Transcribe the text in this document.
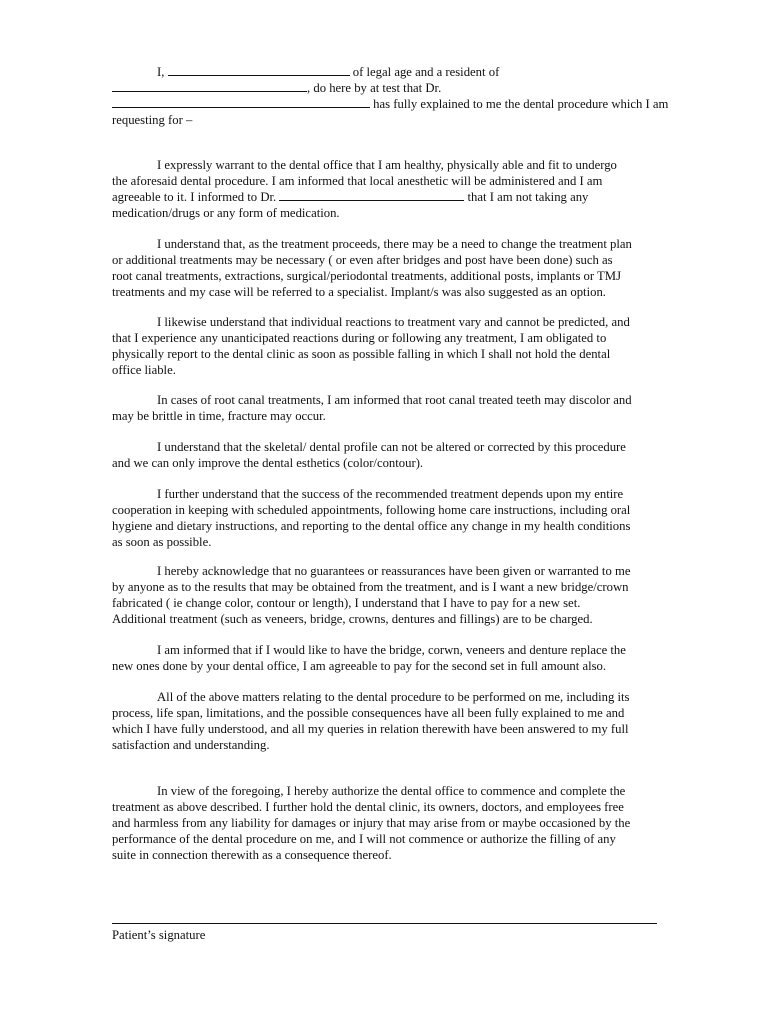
I,	of legal age and a resident of
, do here by at test that Dr.
has fully explained to me the dental procedure which I am
requesting for –
I expressly warrant to the dental office that I am healthy, physically able and fit to undergo
the aforesaid dental procedure. I am informed that local anesthetic will be administered and I am
agreeable to it. I informed to Dr.	that I am not taking any
medication/drugs or any form of medication.
I understand that, as the treatment proceeds, there may be a need to change the treatment plan
or additional treatments may be necessary ( or even after bridges and post have been done) such as
root canal treatments, extractions, surgical/periodontal treatments, additional posts, implants or TMJ
treatments and my case will be referred to a specialist. Implant/s was also suggested as an option.
I likewise understand that individual reactions to treatment vary and cannot be predicted, and
that I experience any unanticipated reactions during or following any treatment, I am obligated to
physically report to the dental clinic as soon as possible falling in which I shall not hold the dental
office liable.
In cases of root canal treatments, I am informed that root canal treated teeth may discolor and
may be brittle in time, fracture may occur.
I understand that the skeletal/ dental profile can not be altered or corrected by this procedure
and we can only improve the dental esthetics (color/contour).
I further understand that the success of the recommended treatment depends upon my entire
cooperation in keeping with scheduled appointments, following home care instructions, including oral
hygiene and dietary instructions, and reporting to the dental office any change in my health conditions
as soon as possible.
I hereby acknowledge that no guarantees or reassurances have been given or warranted to me
by anyone as to the results that may be obtained from the treatment, and is I want a new bridge/crown
fabricated ( ie change color, contour or length), I understand that I have to pay for a new set.
Additional treatment (such as veneers, bridge, crowns, dentures and fillings) are to be charged.
I am informed that if I would like to have the bridge, corwn, veneers and denture replace the
new ones done by your dental office, I am agreeable to pay for the second set in full amount also.
All of the above matters relating to the dental procedure to be performed on me, including its
process, life span, limitations, and the possible consequences have all been fully explained to me and
which I have fully understood, and all my queries in relation therewith have been answered to my full
satisfaction and understanding.
In view of the foregoing, I hereby authorize the dental office to commence and complete the
treatment as above described. I further hold the dental clinic, its owners, doctors, and employees free
and harmless from any liability for damages or injury that may arise from or maybe occasioned by the
performance of the dental procedure on me, and I will not commence or authorize the filling of any
suite in connection therewith as a consequence thereof.
Patient’s signature
